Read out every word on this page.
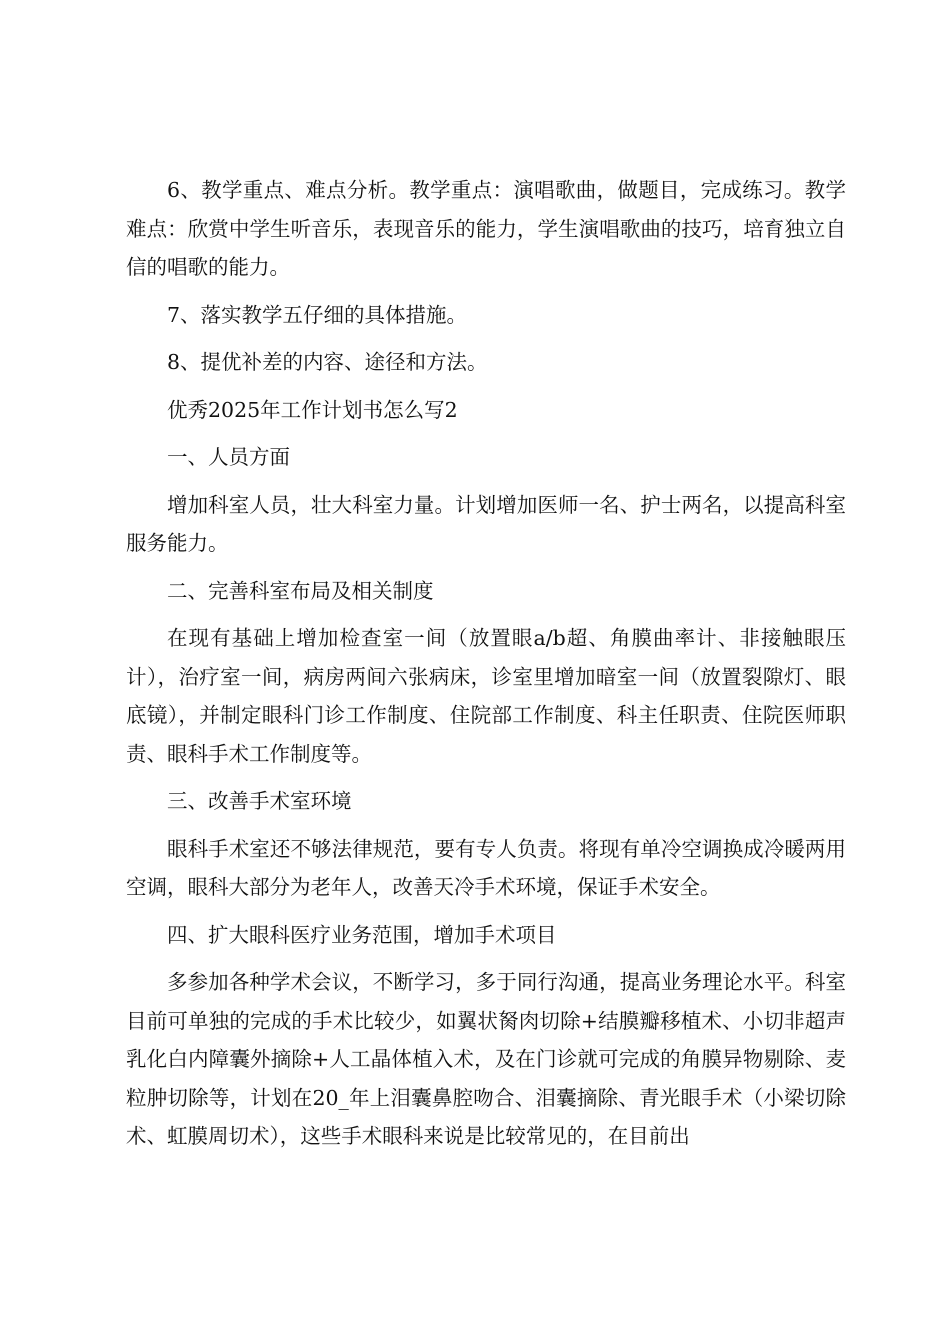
6、教学重点、难点分析。教学重点：演唱歌曲，做题目，完成练习。教学难点：欣赏中学生听音乐，表现音乐的能力，学生演唱歌曲的技巧，培育独立自信的唱歌的能力。

7、落实教学五仔细的具体措施。

8、提优补差的内容、途径和方法。

优秀2025年工作计划书怎么写2

一、人员方面

增加科室人员，壮大科室力量。计划增加医师一名、护士两名，以提高科室服务能力。

二、完善科室布局及相关制度

在现有基础上增加检查室一间（放置眼a/b超、角膜曲率计、非接触眼压计），治疗室一间，病房两间六张病床，诊室里增加暗室一间（放置裂隙灯、眼底镜），并制定眼科门诊工作制度、住院部工作制度、科主任职责、住院医师职责、眼科手术工作制度等。

三、改善手术室环境

眼科手术室还不够法律规范，要有专人负责。将现有单冷空调换成冷暖两用空调，眼科大部分为老年人，改善天冷手术环境，保证手术安全。

四、扩大眼科医疗业务范围，增加手术项目

多参加各种学术会议，不断学习，多于同行沟通，提高业务理论水平。科室目前可单独的完成的手术比较少，如翼状胬肉切除+结膜瓣移植术、小切非超声乳化白内障囊外摘除+人工晶体植入术，及在门诊就可完成的角膜异物剔除、麦粒肿切除等，计划在20_年上泪囊鼻腔吻合、泪囊摘除、青光眼手术（小梁切除术、虹膜周切术），这些手术眼科来说是比较常见的，在目前出
